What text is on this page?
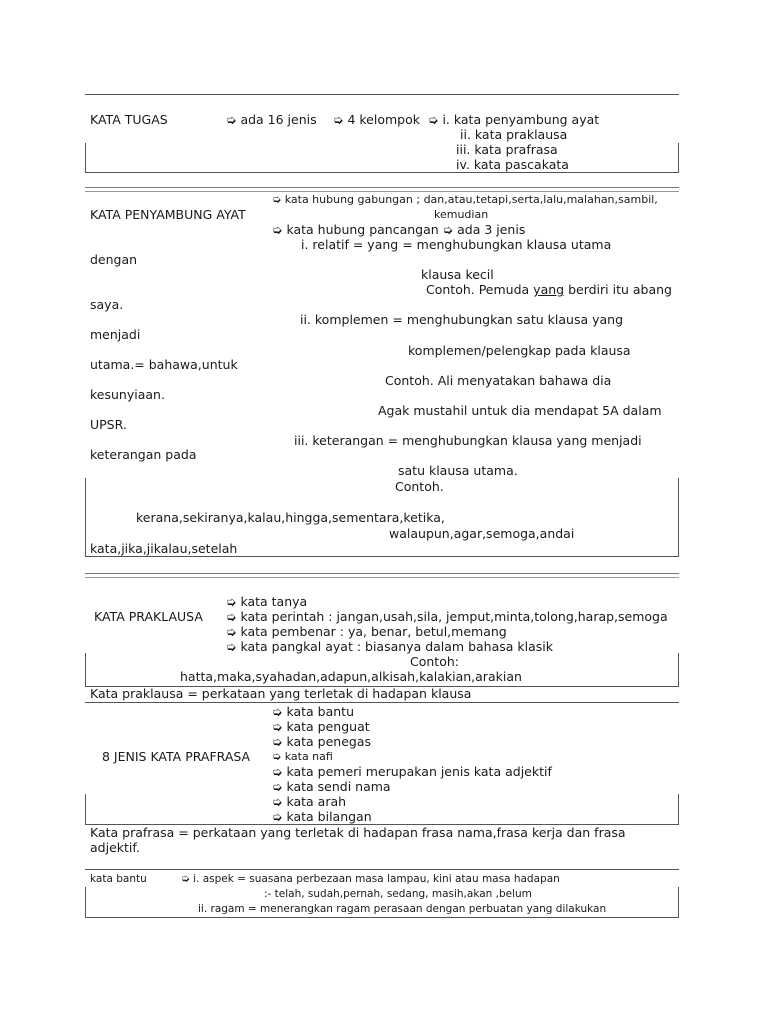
KATA TUGAS	➭ ada 16 jenis ➭ 4 kelompok ➭ i. kata penyambung ayat
ii. kata praklausa
iii. kata prafrasa
iv. kata pascakata
➭ kata hubung gabungan ; dan,atau,tetapi,serta,lalu,malahan,sambil,
kemudian
KATA PENYAMBUNG AYAT
➭ kata hubung pancangan ➭ ada 3 jenis
i. relatif = yang = menghubungkan klausa utama
dengan
klausa kecil
Contoh. Pemuda yang berdiri itu abang
saya.
ii. komplemen = menghubungkan satu klausa yang
menjadi
komplemen/pelengkap pada klausa
utama.= bahawa,untuk
Contoh. Ali menyatakan bahawa dia
kesunyiaan.
Agak mustahil untuk dia mendapat 5A dalam
UPSR.
iii. keterangan = menghubungkan klausa yang menjadi
keterangan pada
satu klausa utama.
Contoh.
kerana,sekiranya,kalau,hingga,sementara,ketika,
walaupun,agar,semoga,andai
kata,jika,jikalau,setelah
➭ kata tanya
KATA PRAKLAUSA ➭ kata perintah : jangan,usah,sila, jemput,minta,tolong,harap,semoga
➭ kata pembenar : ya, benar, betul,memang
➭ kata pangkal ayat : biasanya dalam bahasa klasik
Contoh:
hatta,maka,syahadan,adapun,alkisah,kalakian,arakian
Kata praklausa = perkataan yang terletak di hadapan klausa
➭ kata bantu
➭ kata penguat
➭ kata penegas
8 JENIS KATA PRAFRASA ➭ kata nafi
➭ kata pemeri merupakan jenis kata adjektif
➭ kata sendi nama
➭ kata arah
➭ kata bilangan
Kata prafrasa = perkataan yang terletak di hadapan frasa nama,frasa kerja dan frasa
adjektif.
kata bantu	➭ i. aspek = suasana perbezaan masa lampau, kini atau masa hadapan
:- telah, sudah,pernah, sedang, masih,akan ,belum
ii. ragam = menerangkan ragam perasaan dengan perbuatan yang dilakukan
